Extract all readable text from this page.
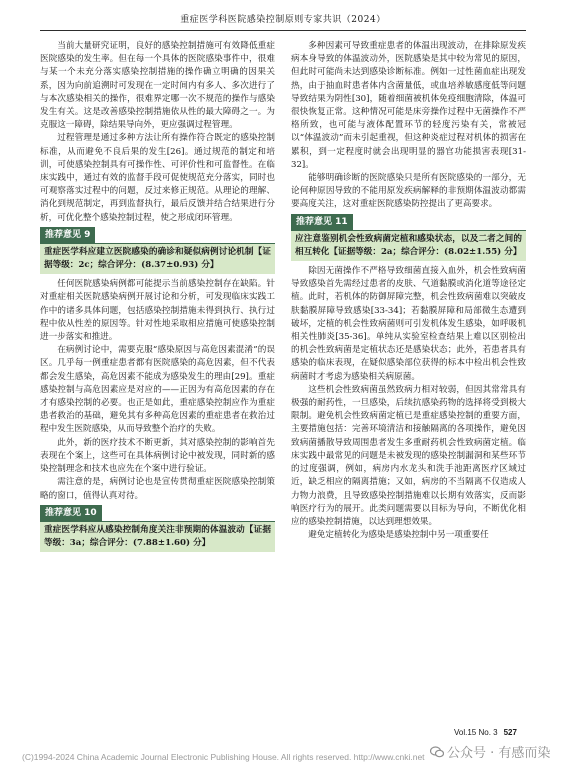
重症医学科医院感染控制原则专家共识（2024）

当前大量研究证明，良好的感染控制措施可有效降低重症医院感染的发生率。但在每一个具体的医院感染事件中，很难与某一个未充分落实感染控制措施的操作确立明确的因果关系，因为向前追溯时可发现在一定时间内有多人、多次进行了与本次感染相关的操作，很难界定哪一次不规范的操作与感染发生有关。这是改善感染控制措施依从性的最大障碍之一。为克服这一障碍，除结果导向外，更应强调过程管理。

过程管理是通过多种方法让所有操作符合既定的感染控制标准，从而避免不良后果的发生[26]。通过规范的制定和培训，可使感染控制具有可操作性、可评价性和可监督性。在临床实践中，通过有效的监督手段可促使规范充分落实，同时也可观察落实过程中的问题，反过来修正规范。从理论的理解、消化到规范制定，再到监督执行，最后反馈并结合结果进行分析，可优化整个感染控制过程，使之形成闭环管理。

推荐意见 9
重症医学科应建立医院感染的确诊和疑似病例讨论机制【证据等级：2c；综合评分：(8.37±0.93) 分】

任何医院感染病例都可能提示当前感染控制存在缺陷。针对重症相关医院感染病例开展讨论和分析，可发现临床实践工作中的诸多具体问题，包括感染控制措施未得到执行、执行过程中依从性差的原因等。针对性地采取相应措施可使感染控制进一步落实和推进。

在病例讨论中，需要克服“感染原因与高危因素混淆”的误区。几乎每一例重症患者都有医院感染的高危因素，但不代表都会发生感染，高危因素不能成为感染发生的理由[29]。重症感染控制与高危因素应是对应的——正因为有高危因素的存在才有感染控制的必要。也正是如此，重症感染控制应作为重症患者救治的基础，避免其有多种高危因素的重症患者在救治过程中发生医院感染，从而导致整个治疗的失败。

此外，新的医疗技术不断更新，其对感染控制的影响首先表现在个案上，这些可在具体病例讨论中被发现，同时新的感染控制理念和技术也应先在个案中进行验证。

需注意的是，病例讨论也是宣传贯彻重症医院感染控制策略的窗口，值得认真对待。

推荐意见 10
重症医学科应从感染控制角度关注非预期的体温波动【证据等级：3a；综合评分：(7.88±1.60) 分】

多种因素可导致重症患者的体温出现波动，在排除原发疾病本身导致的体温波动外，医院感染是其中较为常见的原因，但此时可能尚未达到感染诊断标准。例如一过性菌血症出现发热，由于抽血时患者体内含菌量低，或血培养敏感度低等问题导致结果为阴性[30]，随着细菌被机体免疫细胞清除，体温可很快恢复正常。这种情况可能是床旁操作过程中无菌操作不严格所致，也可能与液体配置环节的轻度污染有关，常被冠以“体温波动”而未引起重视，但这种炎症过程对机体的损害在累积，到一定程度时就会出现明显的器官功能损害表现[31-32]。

能够明确诊断的医院感染只是所有医院感染的一部分，无论何种原因导致的不能用原发疾病解释的非预期体温波动都需要高度关注，这对重症医院感染防控提出了更高要求。

推荐意见 11
应注意鉴别机会性致病菌定植和感染状态，以及二者之间的相互转化【证据等级：2a；综合评分：(8.02±1.55) 分】

除因无菌操作不严格导致细菌直接入血外，机会性致病菌导致感染首先需经过患者的皮肤、气道黏膜或消化道等途径定植。此时，若机体的防御屏障完整，机会性致病菌难以突破皮肤黏膜屏障导致感染[33-34]；若黏膜屏障和局部微生态遭到破坏，定植的机会性致病菌则可引发机体发生感染，如呼吸机相关性肺炎[35-36]。单纯从实验室检查结果上难以区别检出的机会性致病菌是定植状态还是感染状态；此外，若患者具有感染的临床表现，在疑似感染部位获得的标本中检出机会性致病菌时才考虑为感染相关病原菌。

这些机会性致病菌虽然致病力相对较弱，但因其常常具有极强的耐药性，一旦感染，后续抗感染药物的选择将受到极大限制。避免机会性致病菌定植已是重症感染控制的重要方面，主要措施包括：完善环境清洁和接触隔离的各项操作，避免因致病菌播散导致周围患者发生多重耐药机会性致病菌定植。临床实践中最常见的问题是未被发现的感染控制漏洞和某些环节的过度强调，例如，病房内水龙头和洗手池距离医疗区域过近，缺乏相应的隔离措施；又如，病房的不当隔离不仅造成人力物力浪费，且导致感染控制措施难以长期有效落实，反而影响医疗行为的展开。此类问题需要以目标为导向，不断优化相应的感染控制措施，以达到理想效果。

避免定植转化为感染是感染控制中另一项重要任

Vol.15 No. 3 527
(C)1994-2024 China Academic Journal Electronic Publishing House. All rights reserved. http://www.cnki.net	公众号 · 有感而染
